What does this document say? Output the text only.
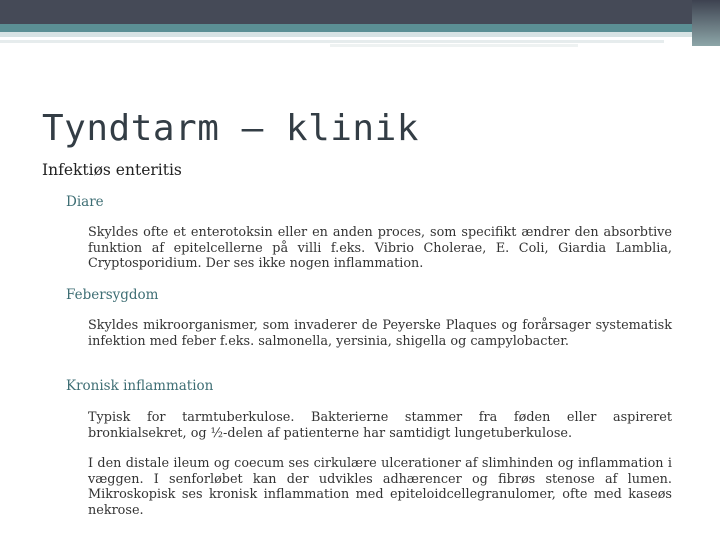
Tyndtarm – klinik
Infektiøs enteritis
Diare
Skyldes ofte et enterotoksin eller en anden proces, som specifikt ændrer den absorbtive funktion af epitelcellerne på villi f.eks. Vibrio Cholerae, E. Coli, Giardia Lamblia, Cryptosporidium. Der ses ikke nogen inflammation.
Febersygdom
Skyldes mikroorganismer, som invaderer de Peyerske Plaques og forårsager systematisk infektion med feber f.eks. salmonella, yersinia, shigella og campylobacter.
Kronisk inflammation
Typisk for tarmtuberkulose. Bakterierne stammer fra føden eller aspireret bronkialsekret, og ½-delen af patienterne har samtidigt lungetuberkulose.
I den distale ileum og coecum ses cirkulære ulcerationer af slimhinden og inflammation i væggen. I senforløbet kan der udvikles adhærencer og fibrøs stenose af lumen. Mikroskopisk ses kronisk inflammation med epiteloidcellegranulomer, ofte med kaseøs nekrose.
